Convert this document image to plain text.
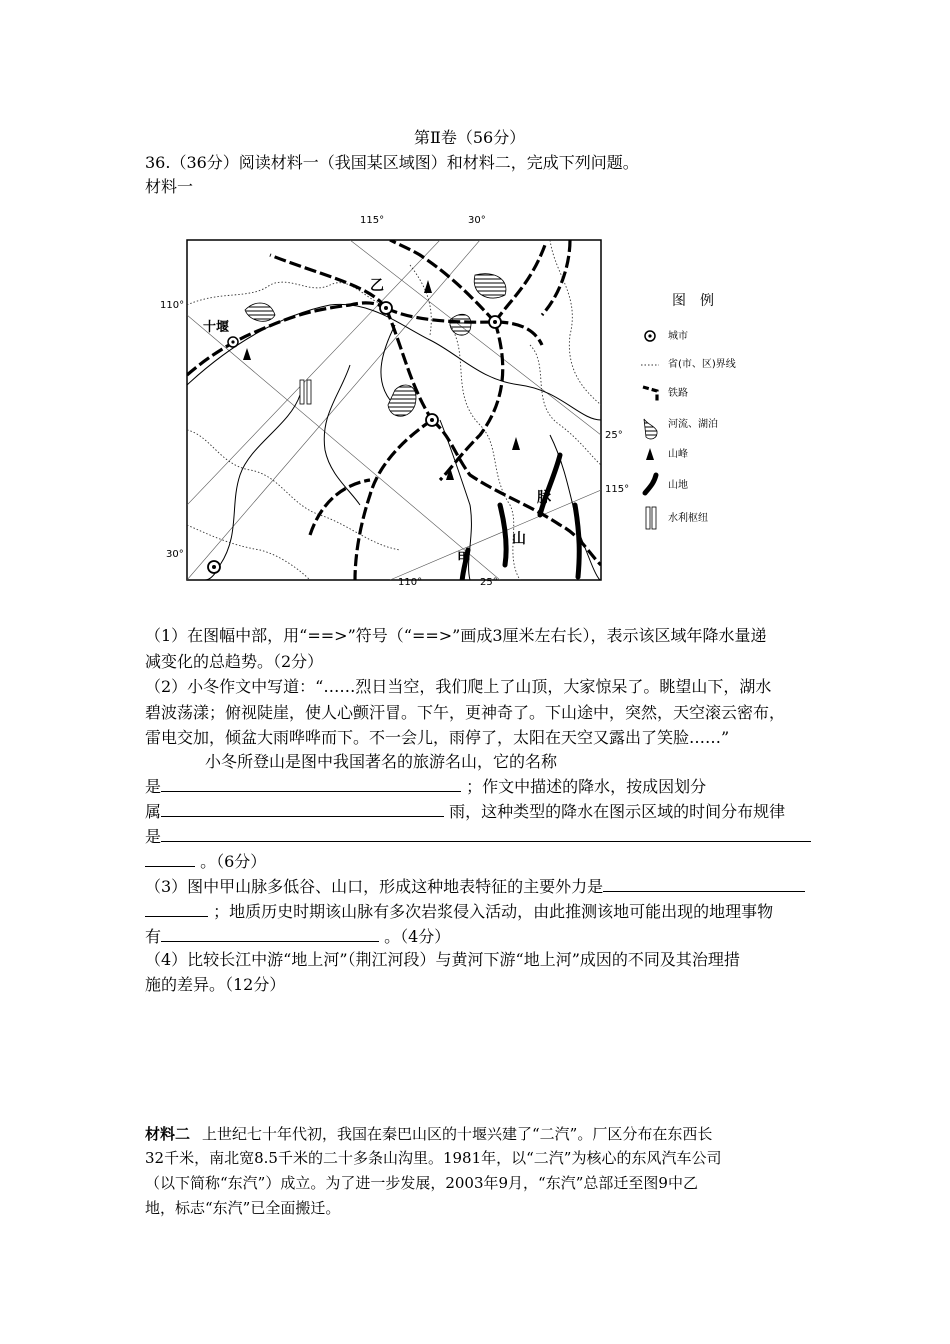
第Ⅱ卷（56分）
36.（36分）阅读材料一（我国某区域图）和材料二，完成下列问题。
材料一
115°	30°
110°
30°
25°
115°
110°	25°
十堰
乙
甲
山
脉
图　例
城市
省(市、区)界线
铁路
河流、湖泊
山峰
山地
水利枢纽
（1）在图幅中部，用“==>”符号（“==>”画成3厘米左右长），表示该区域年降水量递
减变化的总趋势。（2分）
（2）小冬作文中写道：“……烈日当空，我们爬上了山顶，大家惊呆了。眺望山下，湖水
碧波荡漾；俯视陡崖，使人心颤汗冒。下午，更神奇了。下山途中，突然，天空滚云密布，
雷电交加，倾盆大雨哗哗而下。不一会儿，雨停了，太阳在天空又露出了笑脸……”
小冬所登山是图中我国著名的旅游名山，它的名称
是	；作文中描述的降水，按成因划分
属	雨，这种类型的降水在图示区域的时间分布规律
是
。（6分）
（3）图中甲山脉多低谷、山口，形成这种地表特征的主要外力是
；地质历史时期该山脉有多次岩浆侵入活动，由此推测该地可能出现的地理事物
有	。（4分）
（4）比较长江中游“地上河”（荆江河段）与黄河下游“地上河”成因的不同及其治理措
施的差异。（12分）
材料二 上世纪七十年代初，我国在秦巴山区的十堰兴建了“二汽”。厂区分布在东西长
32千米，南北宽8.5千米的二十多条山沟里。1981年，以“二汽”为核心的东风汽车公司
（以下简称“东汽”）成立。为了进一步发展，2003年9月，“东汽”总部迁至图9中乙
地，标志“东汽”已全面搬迁。
